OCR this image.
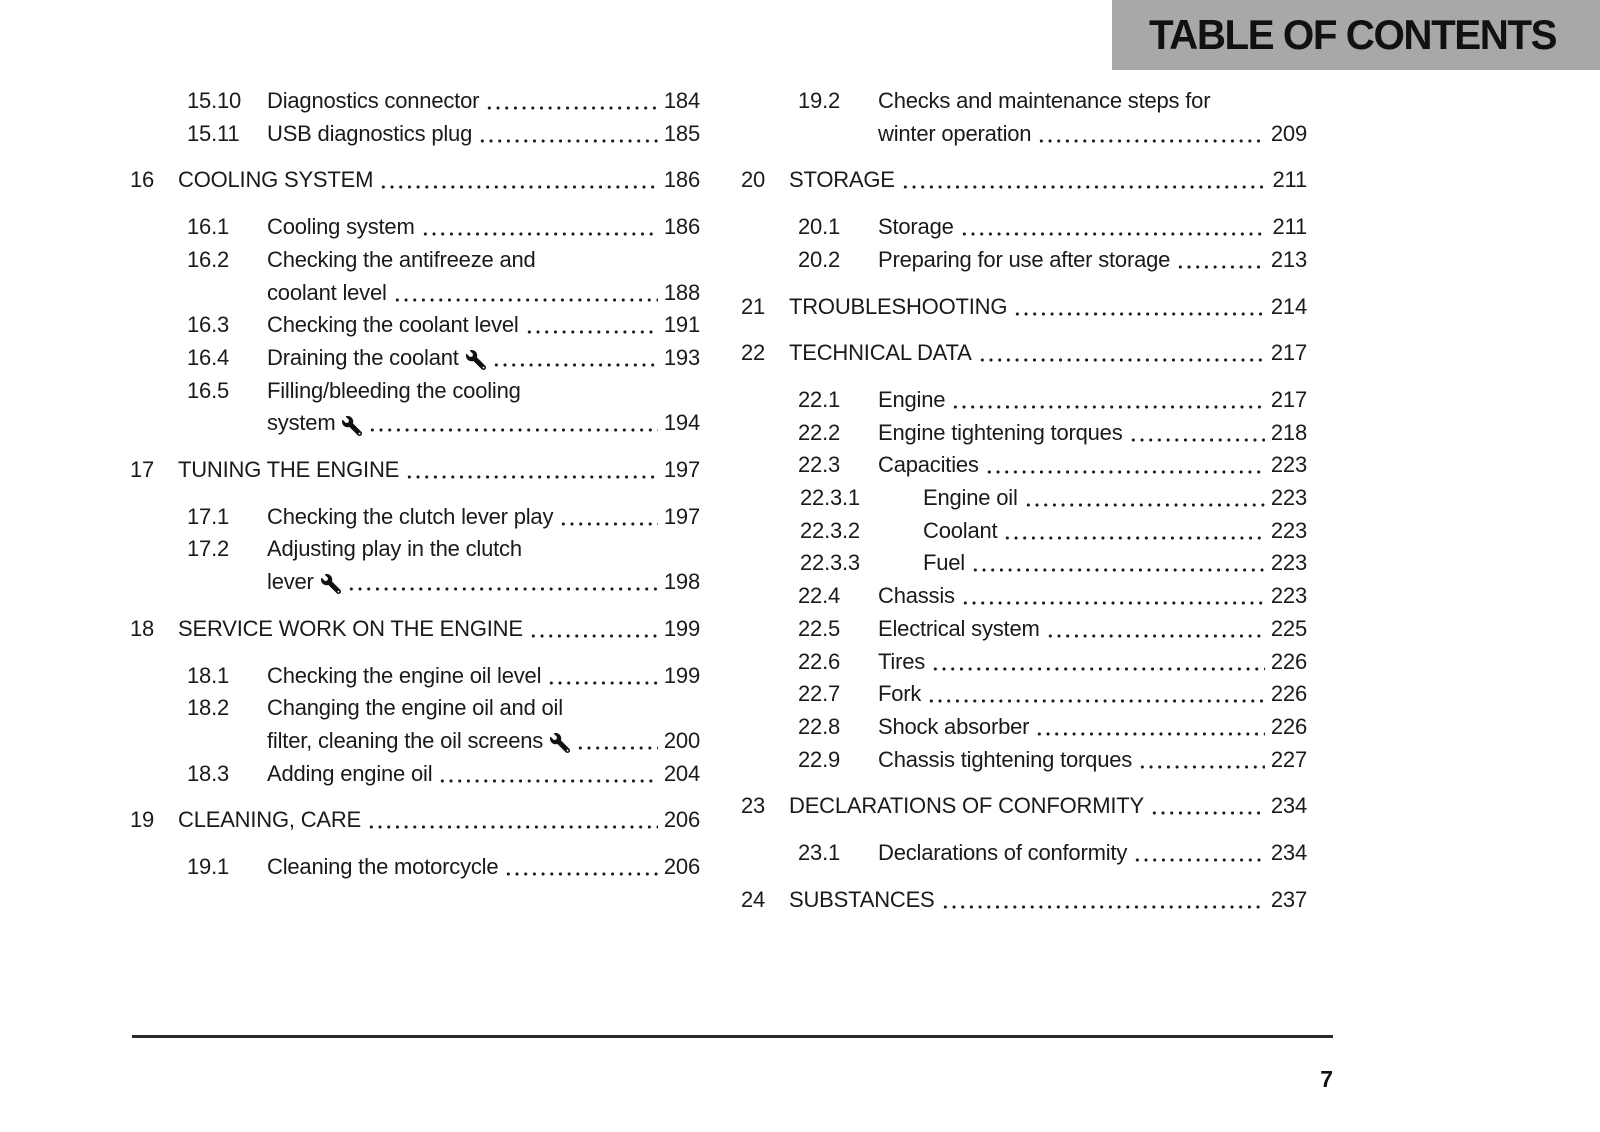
TABLE OF CONTENTS
15.10	Diagnostics connector	184
15.11	USB diagnostics plug	185
16	COOLING SYSTEM	186
16.1	Cooling system	186
16.2	Checking the antifreeze and
coolant level	188
16.3	Checking the coolant level	191
16.4	Draining the coolant	193
16.5	Filling/bleeding the cooling
system	194
17	TUNING THE ENGINE	197
17.1	Checking the clutch lever play	197
17.2	Adjusting play in the clutch
lever	198
18	SERVICE WORK ON THE ENGINE	199
18.1	Checking the engine oil level	199
18.2	Changing the engine oil and oil
filter, cleaning the oil screens	200
18.3	Adding engine oil	204
19	CLEANING, CARE	206
19.1	Cleaning the motorcycle	206
19.2	Checks and maintenance steps for
winter operation	209
20	STORAGE	211
20.1	Storage	211
20.2	Preparing for use after storage	213
21	TROUBLESHOOTING	214
22	TECHNICAL DATA	217
22.1	Engine	217
22.2	Engine tightening torques	218
22.3	Capacities	223
22.3.1	Engine oil	223
22.3.2	Coolant	223
22.3.3	Fuel	223
22.4	Chassis	223
22.5	Electrical system	225
22.6	Tires	226
22.7	Fork	226
22.8	Shock absorber	226
22.9	Chassis tightening torques	227
23	DECLARATIONS OF CONFORMITY	234
23.1	Declarations of conformity	234
24	SUBSTANCES	237
7
